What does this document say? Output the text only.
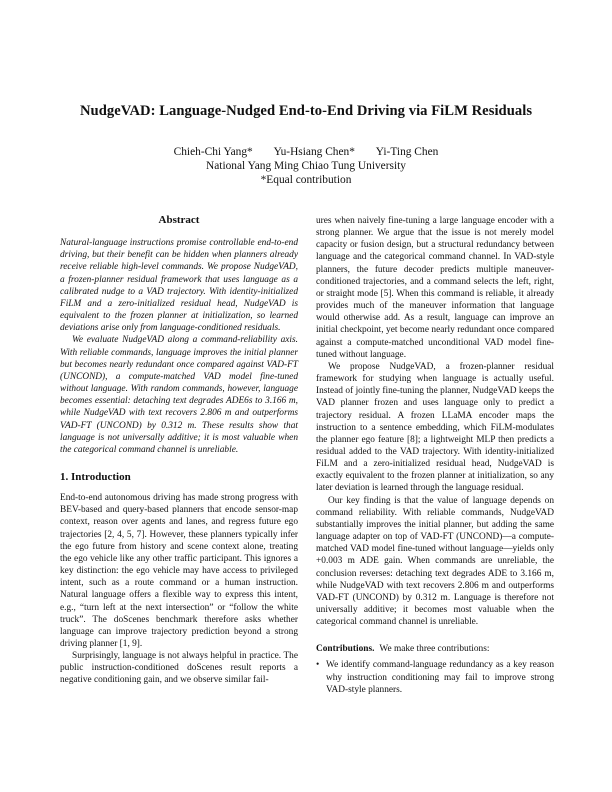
NudgeVAD: Language-Nudged End-to-End Driving via FiLM Residuals
Chieh-Chi Yang* Yu-Hsiang Chen* Yi-Ting Chen
National Yang Ming Chiao Tung University
*Equal contribution
Abstract

Natural-language instructions promise controllable end-to-end driving, but their benefit can be hidden when planners already receive reliable high-level commands. We propose NudgeVAD, a frozen-planner residual framework that uses language as a calibrated nudge to a VAD trajectory. With identity-initialized FiLM and a zero-initialized residual head, NudgeVAD is equivalent to the frozen planner at initialization, so learned deviations arise only from language-conditioned residuals.

We evaluate NudgeVAD along a command-reliability axis. With reliable commands, language improves the initial planner but becomes nearly redundant once compared against VAD-FT (UNCOND), a compute-matched VAD model fine-tuned without language. With random commands, however, language becomes essential: detaching text degrades ADE6s to 3.166 m, while NudgeVAD with text recovers 2.806 m and outperforms VAD-FT (UNCOND) by 0.312 m. These results show that language is not universally additive; it is most valuable when the categorical command channel is unreliable.

1. Introduction

End-to-end autonomous driving has made strong progress with BEV-based and query-based planners that encode sensor-map context, reason over agents and lanes, and regress future ego trajectories [2, 4, 5, 7]. However, these planners typically infer the ego future from history and scene context alone, treating the ego vehicle like any other traffic participant. This ignores a key distinction: the ego vehicle may have access to privileged intent, such as a route command or a human instruction. Natural language offers a flexible way to express this intent, e.g., “turn left at the next intersection” or “follow the white truck”. The doScenes benchmark therefore asks whether language can improve trajectory prediction beyond a strong driving planner [1, 9].

Surprisingly, language is not always helpful in practice. The public instruction-conditioned doScenes result reports a negative conditioning gain, and we observe similar fail-

ures when naively fine-tuning a large language encoder with a strong planner. We argue that the issue is not merely model capacity or fusion design, but a structural redundancy between language and the categorical command channel. In VAD-style planners, the future decoder predicts multiple maneuver-conditioned trajectories, and a command selects the left, right, or straight mode [5]. When this command is reliable, it already provides much of the maneuver information that language would otherwise add. As a result, language can improve an initial checkpoint, yet become nearly redundant once compared against a compute-matched unconditional VAD model fine-tuned without language.

We propose NudgeVAD, a frozen-planner residual framework for studying when language is actually useful. Instead of jointly fine-tuning the planner, NudgeVAD keeps the VAD planner frozen and uses language only to predict a trajectory residual. A frozen LLaMA encoder maps the instruction to a sentence embedding, which FiLM-modulates the planner ego feature [8]; a lightweight MLP then predicts a residual added to the VAD trajectory. With identity-initialized FiLM and a zero-initialized residual head, NudgeVAD is exactly equivalent to the frozen planner at initialization, so any later deviation is learned through the language residual.

Our key finding is that the value of language depends on command reliability. With reliable commands, NudgeVAD substantially improves the initial planner, but adding the same language adapter on top of VAD-FT (UNCOND)—a compute-matched VAD model fine-tuned without language—yields only +0.003 m ADE gain. When commands are unreliable, the conclusion reverses: detaching text degrades ADE to 3.166 m, while NudgeVAD with text recovers 2.806 m and outperforms VAD-FT (UNCOND) by 0.312 m. Language is therefore not universally additive; it becomes most valuable when the categorical command channel is unreliable.

Contributions. We make three contributions:

• We identify command-language redundancy as a key reason why instruction conditioning may fail to improve strong VAD-style planners.
